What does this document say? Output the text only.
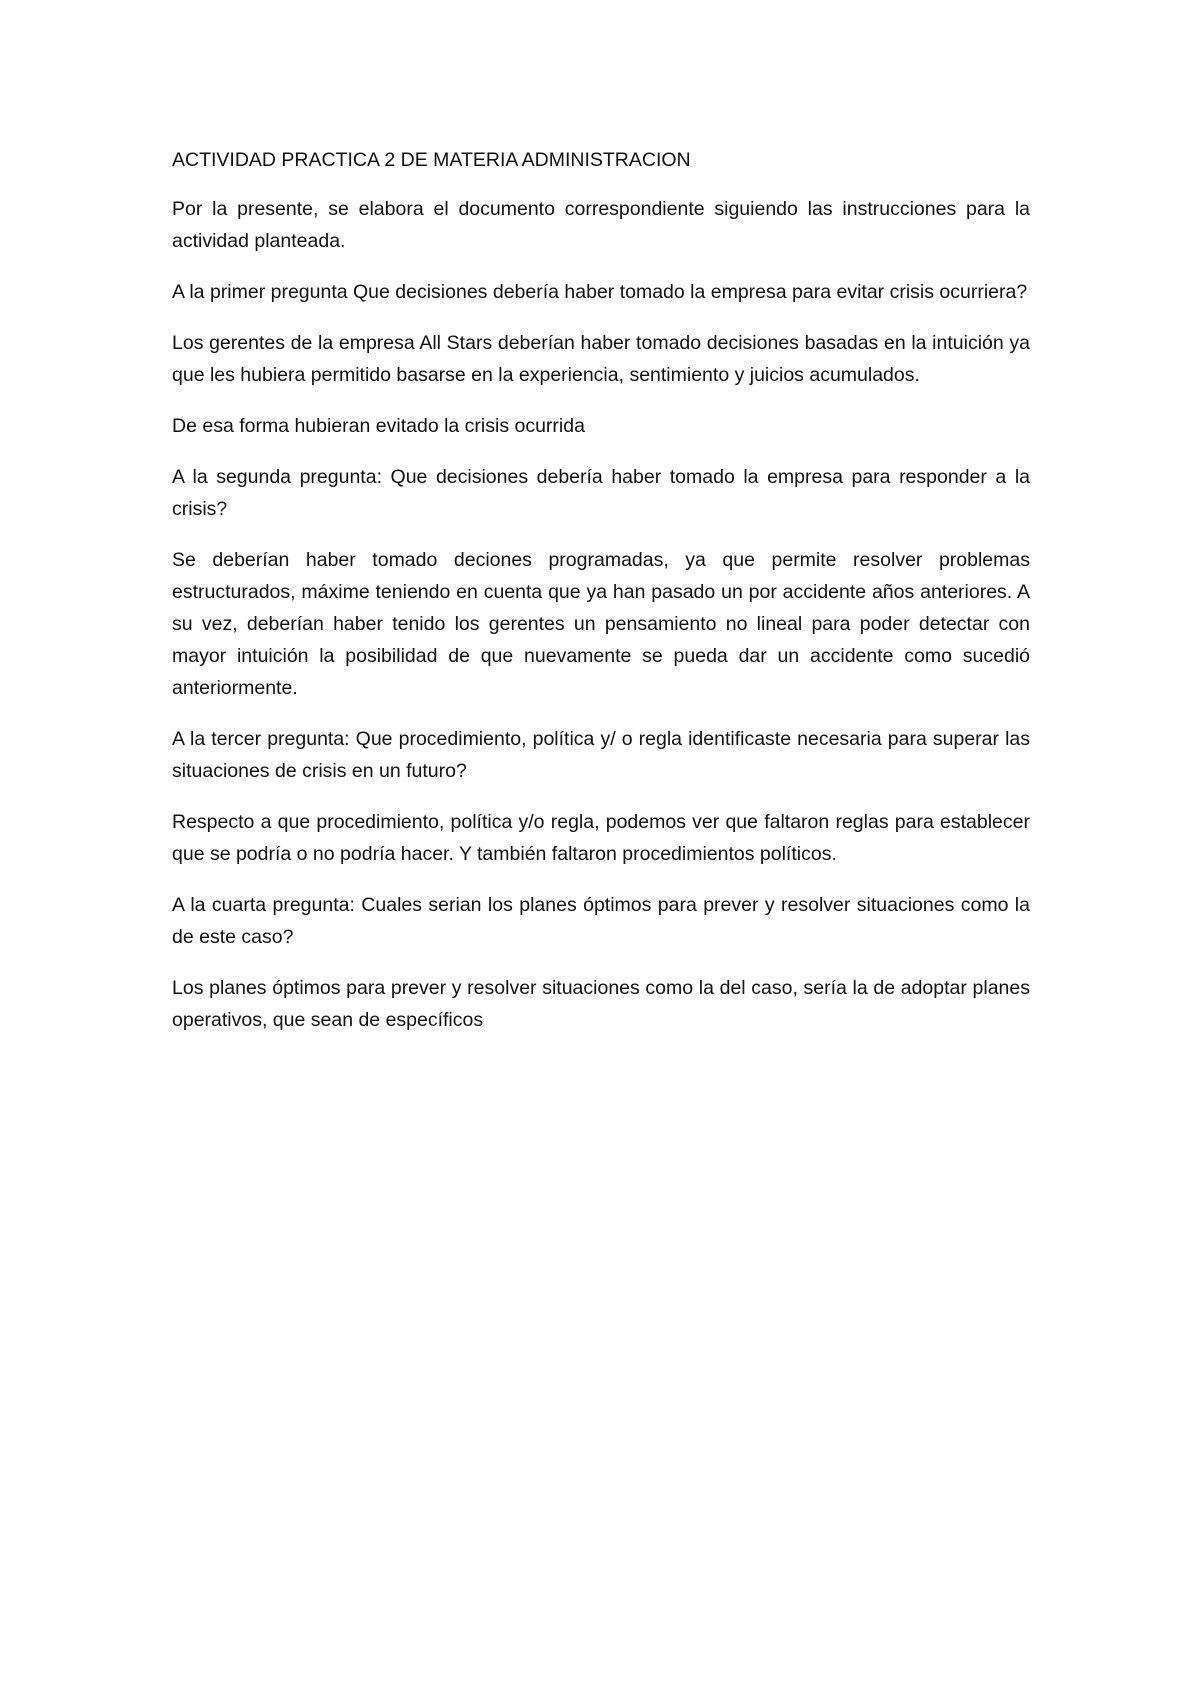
ACTIVIDAD PRACTICA 2 DE MATERIA ADMINISTRACION

Por la presente, se elabora el documento correspondiente siguiendo las instrucciones para la actividad planteada.

A la primer pregunta Que decisiones debería haber tomado la empresa para evitar crisis ocurriera?

Los gerentes de la empresa All Stars deberían haber tomado decisiones basadas en la intuición ya que les hubiera permitido basarse en la experiencia, sentimiento y juicios acumulados.

De esa forma hubieran evitado la crisis ocurrida

A la segunda pregunta: Que decisiones debería haber tomado la empresa para responder a la crisis?

Se deberían haber tomado deciones programadas, ya que permite resolver problemas estructurados, máxime teniendo en cuenta que ya han pasado un por accidente años anteriores. A su vez, deberían haber tenido los gerentes un pensamiento no lineal para poder detectar con mayor intuición la posibilidad de que nuevamente se pueda dar un accidente como sucedió anteriormente.

A la tercer pregunta: Que procedimiento, política y/ o regla identificaste necesaria para superar las situaciones de crisis en un futuro?

Respecto a que procedimiento, política y/o regla, podemos ver que faltaron reglas para establecer que se podría o no podría hacer. Y también faltaron procedimientos políticos.

A la cuarta pregunta: Cuales serian los planes óptimos para prever y resolver situaciones como la de este caso?

Los planes óptimos para prever y resolver situaciones como la del caso, sería la de adoptar planes operativos, que sean de específicos
